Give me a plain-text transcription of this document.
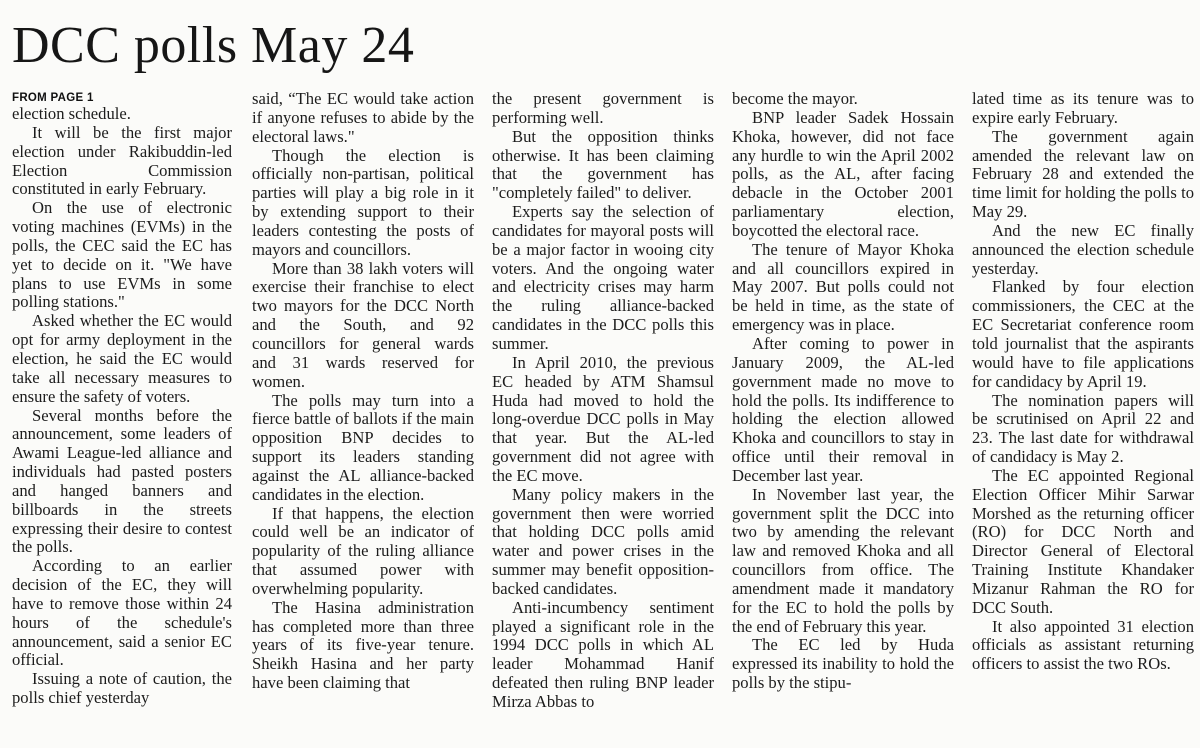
DCC polls May 24
FROM PAGE 1

election schedule.

It will be the first major election under Rakibuddin-led Election Commission constituted in early February.

On the use of electronic voting machines (EVMs) in the polls, the CEC said the EC has yet to decide on it. "We have plans to use EVMs in some polling stations."

Asked whether the EC would opt for army deployment in the election, he said the EC would take all necessary measures to ensure the safety of voters.

Several months before the announcement, some leaders of Awami League-led alliance and individuals had pasted posters and hanged banners and billboards in the streets expressing their desire to contest the polls.

According to an earlier decision of the EC, they will have to remove those within 24 hours of the schedule's announcement, said a senior EC official.

Issuing a note of caution, the polls chief yesterday

said, “The EC would take action if anyone refuses to abide by the electoral laws."

Though the election is officially non-partisan, political parties will play a big role in it by extending support to their leaders contesting the posts of mayors and councillors.

More than 38 lakh voters will exercise their franchise to elect two mayors for the DCC North and the South, and 92 councillors for general wards and 31 wards reserved for women.

The polls may turn into a fierce battle of ballots if the main opposition BNP decides to support its leaders standing against the AL alliance-backed candidates in the election.

If that happens, the election could well be an indicator of popularity of the ruling alliance that assumed power with overwhelming popularity.

The Hasina administration has completed more than three years of its five-year tenure. Sheikh Hasina and her party have been claiming that

the present government is performing well.

But the opposition thinks otherwise. It has been claiming that the government has "completely failed" to deliver.

Experts say the selection of candidates for mayoral posts will be a major factor in wooing city voters. And the ongoing water and electricity crises may harm the ruling alliance-backed candidates in the DCC polls this summer.

In April 2010, the previous EC headed by ATM Shamsul Huda had moved to hold the long-overdue DCC polls in May that year. But the AL-led government did not agree with the EC move.

Many policy makers in the government then were worried that holding DCC polls amid water and power crises in the summer may benefit opposition-backed candidates.

Anti-incumbency sentiment played a significant role in the 1994 DCC polls in which AL leader Mohammad Hanif defeated then ruling BNP leader Mirza Abbas to

become the mayor.

BNP leader Sadek Hossain Khoka, however, did not face any hurdle to win the April 2002 polls, as the AL, after facing debacle in the October 2001 parliamentary election, boycotted the electoral race.

The tenure of Mayor Khoka and all councillors expired in May 2007. But polls could not be held in time, as the state of emergency was in place.

After coming to power in January 2009, the AL-led government made no move to hold the polls. Its indifference to holding the election allowed Khoka and councillors to stay in office until their removal in December last year.

In November last year, the government split the DCC into two by amending the relevant law and removed Khoka and all councillors from office. The amendment made it mandatory for the EC to hold the polls by the end of February this year.

The EC led by Huda expressed its inability to hold the polls by the stipu-

lated time as its tenure was to expire early February.

The government again amended the relevant law on February 28 and extended the time limit for holding the polls to May 29.

And the new EC finally announced the election schedule yesterday.

Flanked by four election commissioners, the CEC at the EC Secretariat conference room told journalist that the aspirants would have to file applications for candidacy by April 19.

The nomination papers will be scrutinised on April 22 and 23. The last date for withdrawal of candidacy is May 2.

The EC appointed Regional Election Officer Mihir Sarwar Morshed as the returning officer (RO) for DCC North and Director General of Electoral Training Institute Khandaker Mizanur Rahman the RO for DCC South.

It also appointed 31 election officials as assistant returning officers to assist the two ROs.
